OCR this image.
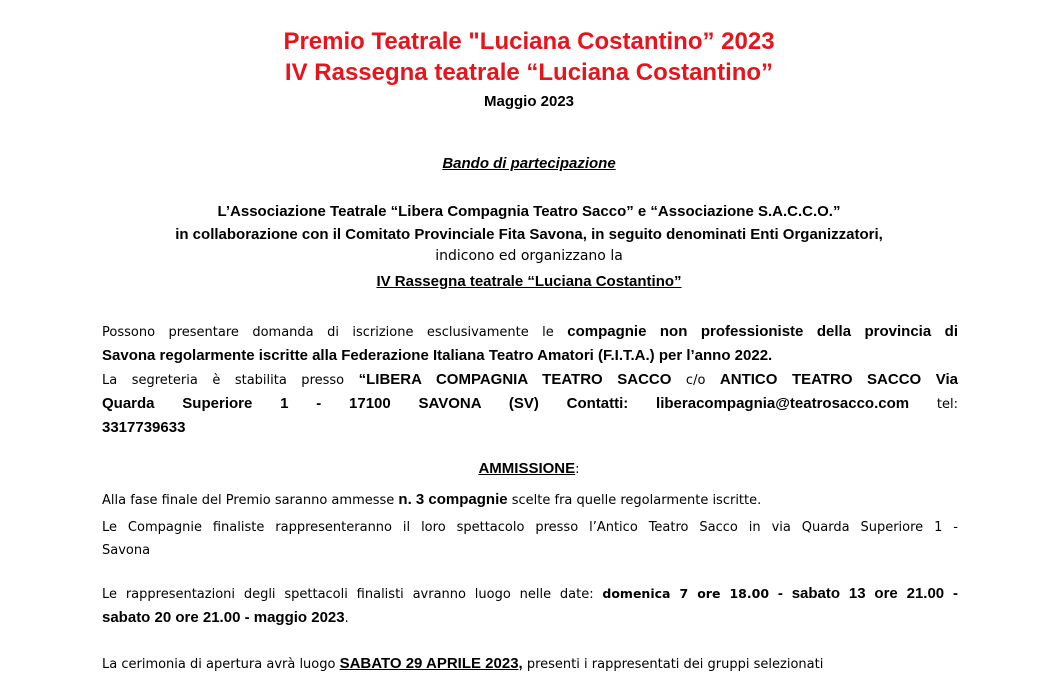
Premio Teatrale "Luciana Costantino” 2023
IV Rassegna teatrale “Luciana Costantino”
Maggio 2023
Bando di partecipazione
L’Associazione Teatrale “Libera Compagnia Teatro Sacco” e “Associazione S.A.C.C.O.”
in collaborazione con il Comitato Provinciale Fita Savona, in seguito denominati Enti Organizzatori,
indicono ed organizzano la
IV Rassegna teatrale “Luciana Costantino”
Possono presentare domanda di iscrizione esclusivamente le compagnie non professioniste della provincia di
Savona regolarmente iscritte alla Federazione Italiana Teatro Amatori (F.I.T.A.) per l’anno 2022.
La segreteria è stabilita presso “LIBERA COMPAGNIA TEATRO SACCO c/o ANTICO TEATRO SACCO Via
Quarda Superiore 1 - 17100 SAVONA (SV) Contatti: liberacompagnia@teatrosacco.com tel:
3317739633
AMMISSIONE:
Alla fase finale del Premio saranno ammesse n. 3 compagnie scelte fra quelle regolarmente iscritte.
Le Compagnie finaliste rappresenteranno il loro spettacolo presso l’Antico Teatro Sacco in via Quarda Superiore 1 -
Savona
Le rappresentazioni degli spettacoli finalisti avranno luogo nelle date: domenica 7 ore 18.00 - sabato 13 ore 21.00 -
sabato 20 ore 21.00 - maggio 2023.
La cerimonia di apertura avrà luogo SABATO 29 APRILE 2023, presenti i rappresentati dei gruppi selezionati
